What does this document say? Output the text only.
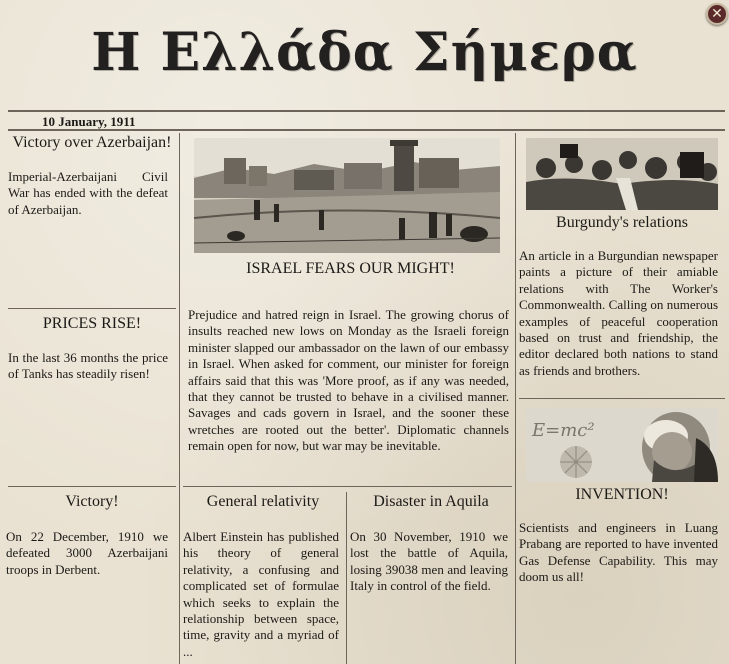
Η Ελλάδα Σήμερα
✕
10 January, 1911
Victory over Azerbaijan!
Imperial-Azerbaijani Civil War has ended with the defeat of Azerbaijan.
PRICES RISE!
In the last 36 months the price of Tanks has steadily risen!
Victory!
On 22 December, 1910 we defeated 3000 Azerbaijani troops in Derbent.
ISRAEL FEARS OUR MIGHT!
Prejudice and hatred reign in Israel. The growing chorus of insults reached new lows on Monday as the Israeli foreign minister slapped our ambassador on the lawn of our embassy in Israel. When asked for comment, our minister for foreign affairs said that this was 'More proof, as if any was needed, that they cannot be trusted to behave in a civilised manner. Savages and cads govern in Israel, and the sooner these wretches are rooted out the better'. Diplomatic channels remain open for now, but war may be inevitable.
General relativity
Albert Einstein has published his theory of general relativity, a confusing and complicated set of formulae which seeks to explain the relationship between space, time, gravity and a myriad of ...
Disaster in Aquila
On 30 November, 1910 we lost the battle of Aquila, losing 39038 men and leaving Italy in control of the field.
Burgundy's relations
An article in a Burgundian newspaper paints a picture of their amiable relations with The Worker's Commonwealth. Calling on numerous examples of peaceful cooperation based on trust and friendship, the editor declared both nations to stand as friends and brothers.
E=mc²
INVENTION!
Scientists and engineers in Luang Prabang are reported to have invented Gas Defense Capability. This may doom us all!
